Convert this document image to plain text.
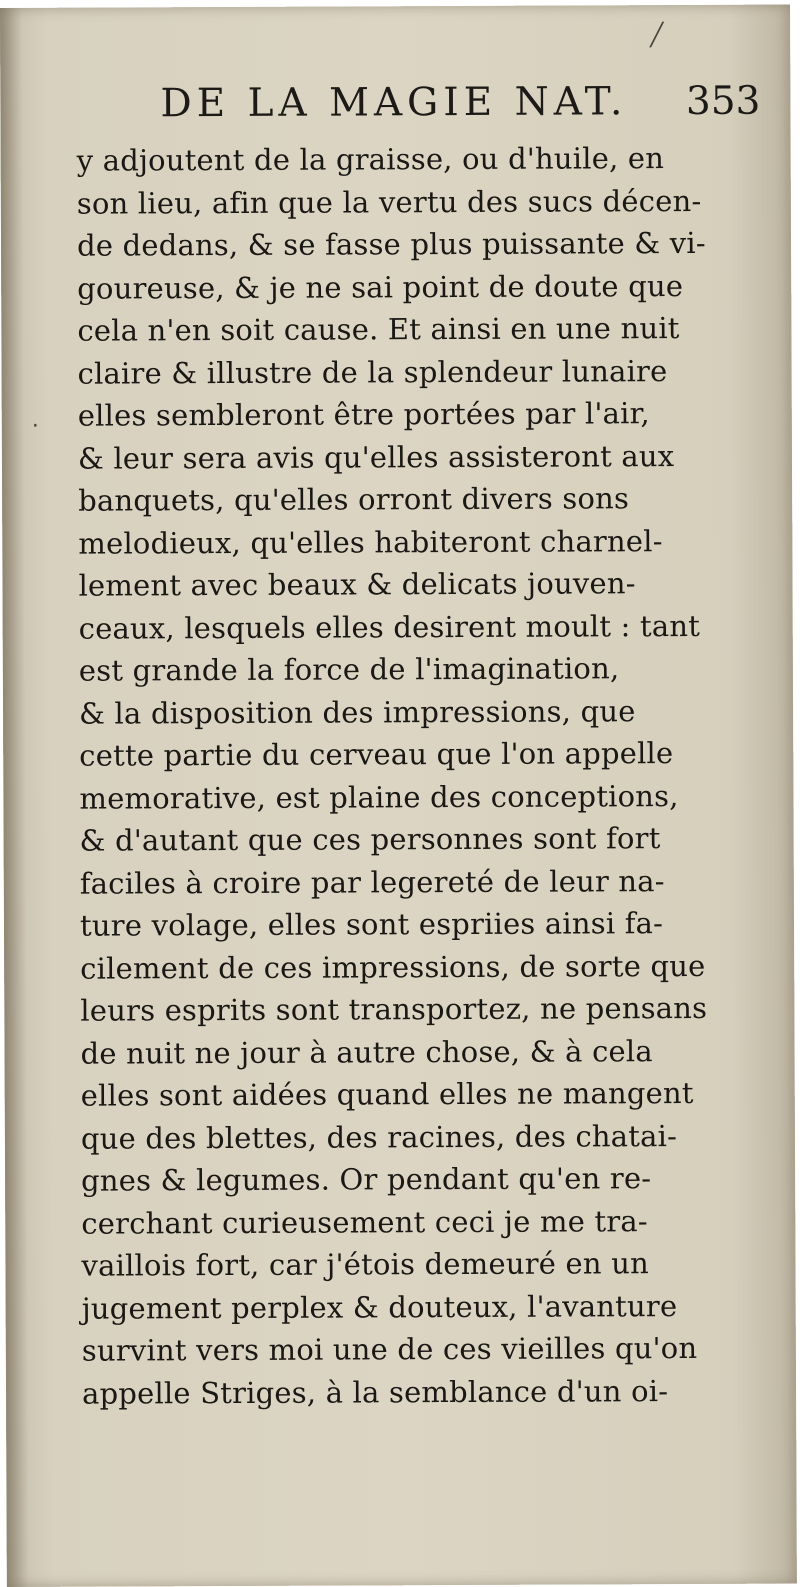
╱
·
DE LA MAGIE NAT. 353
y adjoutent de la graisse, ou d'huile, en
son lieu, afin que la vertu des sucs décen-
de dedans, & se fasse plus puissante & vi-
goureuse, & je ne sai point de doute que
cela n'en soit cause. Et ainsi en une nuit
claire & illustre de la splendeur lunaire
elles sembleront être portées par l'air,
& leur sera avis qu'elles assisteront aux
banquets, qu'elles orront divers sons
melodieux, qu'elles habiteront charnel-
lement avec beaux & delicats jouven-
ceaux, lesquels elles desirent moult : tant
est grande la force de l'imagination,
& la disposition des impressions, que
cette partie du cerveau que l'on appelle
memorative, est plaine des conceptions,
& d'autant que ces personnes sont fort
faciles à croire par legereté de leur na-
ture volage, elles sont espriies ainsi fa-
cilement de ces impressions, de sorte que
leurs esprits sont transportez, ne pensans
de nuit ne jour à autre chose, & à cela
elles sont aidées quand elles ne mangent
que des blettes, des racines, des chatai-
gnes & legumes. Or pendant qu'en re-
cerchant curieusement ceci je me tra-
vaillois fort, car j'étois demeuré en un
jugement perplex & douteux, l'avanture
survint vers moi une de ces vieilles qu'on
appelle Striges, à la semblance d'un oi-
